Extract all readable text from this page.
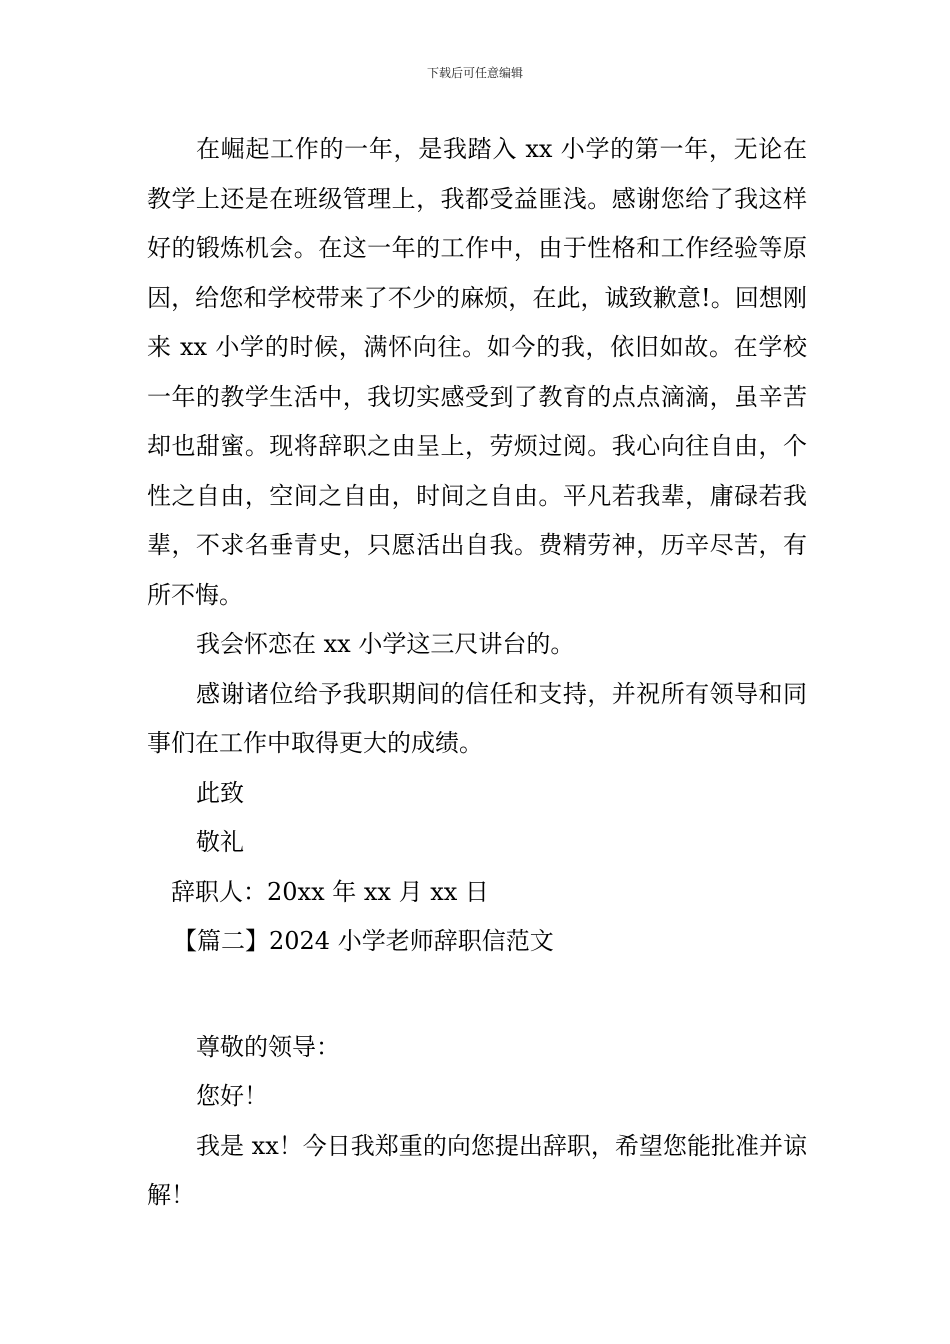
下载后可任意编辑

在崛起工作的一年，是我踏入 xx 小学的第一年，无论在教学上还是在班级管理上，我都受益匪浅。感谢您给了我这样好的锻炼机会。在这一年的工作中，由于性格和工作经验等原因，给您和学校带来了不少的麻烦，在此，诚致歉意!。回想刚来 xx 小学的时候，满怀向往。如今的我，依旧如故。在学校一年的教学生活中，我切实感受到了教育的点点滴滴，虽辛苦却也甜蜜。现将辞职之由呈上，劳烦过阅。我心向往自由，个性之自由，空间之自由，时间之自由。平凡若我辈，庸碌若我辈，不求名垂青史，只愿活出自我。费精劳神，历辛尽苦，有所不悔。

我会怀恋在 xx 小学这三尺讲台的。

感谢诸位给予我职期间的信任和支持，并祝所有领导和同事们在工作中取得更大的成绩。

此致

敬礼

辞职人：20xx 年 xx 月 xx 日

【篇二】2024 小学老师辞职信范文

尊敬的领导：

您好！

我是 xx！今日我郑重的向您提出辞职，希望您能批准并谅解！
